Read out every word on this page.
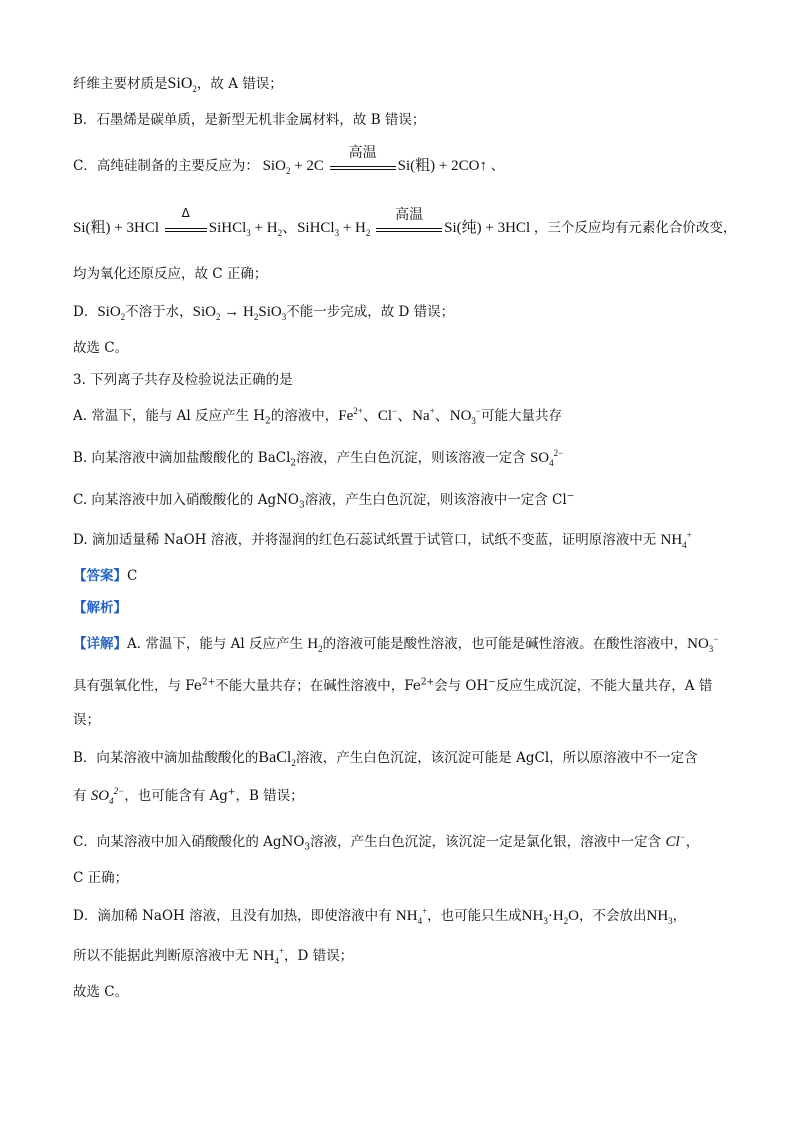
纤维主要材质是SiO$_2$，故 A 错误；
B．石墨烯是碳单质，是新型无机非金属材料，故 B 错误；
C．高纯硅制备的主要反应为： SiO$_2$ + 2C
高温
Si(粗) + 2CO↑ 、
Si(粗) + 3HCl
Δ
SiHCl$_3$ + $H_2$、SiHCl$_3$ + $H_2$
高温
Si(纯) + 3HCl ，三个反应均有元素化合价改变，
均为氧化还原反应，故 C 正确；
D．SiO$_2$不溶于水，$SiO_2 \to H_2SiO_3$不能一步完成，故 D 错误；
故选 C。
3. 下列离子共存及检验说法正确的是
A. 常温下，能与 Al 反应产生 $H_2$的溶液中，$Fe^{2+}$、Cl−、Na+、$NO_3^-$可能大量共存
B. 向某溶液中滴加盐酸酸化的 BaCl$_2$溶液，产生白色沉淀，则该溶液一定含 $SO_4^{2-}$
C. 向某溶液中加入硝酸酸化的 AgNO$_3$溶液，产生白色沉淀，则该溶液中一定含 Cl−
D. 滴加适量稀 NaOH 溶液，并将湿润的红色石蕊试纸置于试管口，试纸不变蓝，证明原溶液中无 $NH_4^+$
【答案】C
【解析】
【详解】A. 常温下，能与 Al 反应产生 $H_2$的溶液可能是酸性溶液，也可能是碱性溶液。在酸性溶液中，$NO_3^-$
具有强氧化性，与 $Fe^{2+}$不能大量共存；在碱性溶液中，$Fe^{2+}$会与 OH−反应生成沉淀，不能大量共存，A 错
误；
B．向某溶液中滴加盐酸酸化的BaCl$_2$溶液，产生白色沉淀，该沉淀可能是 AgCl，所以原溶液中不一定含
有 $SO_4^{2-}$，也可能含有 Ag+，B 错误；
C．向某溶液中加入硝酸酸化的 AgNO$_3$溶液，产生白色沉淀，该沉淀一定是氯化银，溶液中一定含 Cl−，
C 正确；
D．滴加稀 NaOH 溶液，且没有加热，即使溶液中有 $NH_4^+$，也可能只生成$NH_3\cdot H_2O$，不会放出$NH_3$，
所以不能据此判断原溶液中无 $NH_4^+$，D 错误；
故选 C。
